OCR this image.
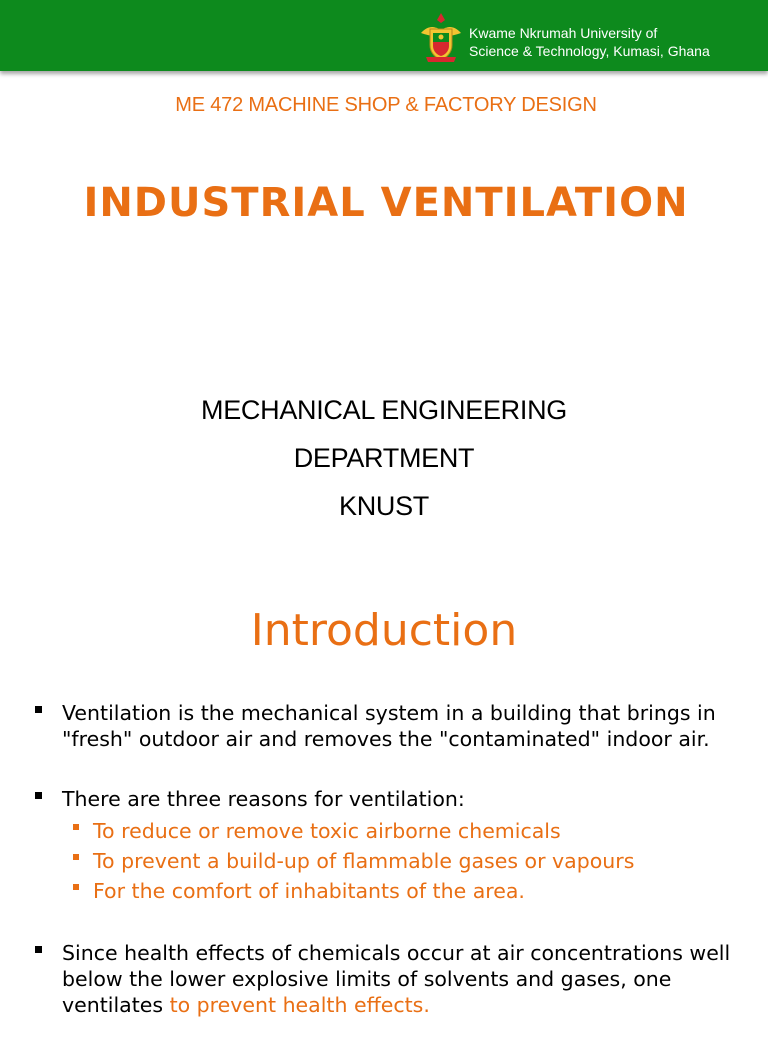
Kwame Nkrumah University of
Science & Technology, Kumasi, Ghana
ME 472 MACHINE SHOP & FACTORY DESIGN
INDUSTRIAL VENTILATION
MECHANICAL ENGINEERING
DEPARTMENT
KNUST
Introduction
Ventilation is the mechanical system in a building that brings in "fresh" outdoor air and removes the "contaminated" indoor air.
There are three reasons for ventilation:
To reduce or remove toxic airborne chemicals
To prevent a build-up of flammable gases or vapours
For the comfort of inhabitants of the area.
Since health effects of chemicals occur at air concentrations well below the lower explosive limits of solvents and gases, one ventilates to prevent health effects.
